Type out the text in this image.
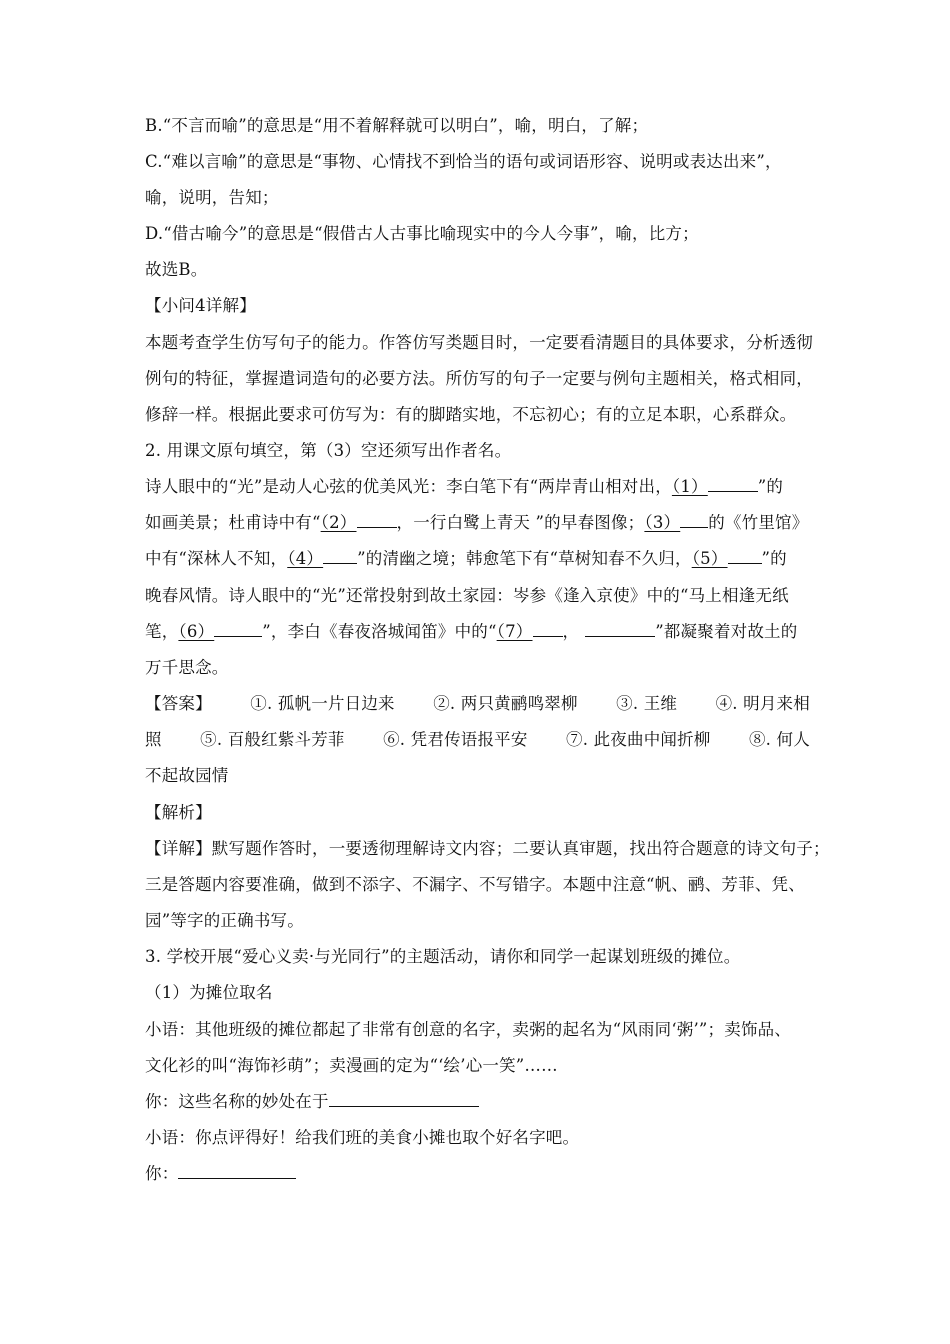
B.“不言而喻”的意思是“用不着解释就可以明白”，喻，明白，了解；

C.“难以言喻”的意思是“事物、心情找不到恰当的语句或词语形容、说明或表达出来”，

喻，说明，告知；

D.“借古喻今”的意思是“假借古人古事比喻现实中的今人今事”，喻，比方；

故选B。

【小问4详解】

本题考查学生仿写句子的能力。作答仿写类题目时，一定要看清题目的具体要求，分析透彻

例句的特征，掌握遣词造句的必要方法。所仿写的句子一定要与例句主题相关，格式相同，

修辞一样。根据此要求可仿写为：有的脚踏实地，不忘初心；有的立足本职，心系群众。

2. 用课文原句填空，第（3）空还须写出作者名。

诗人眼中的“光”是动人心弦的优美风光：李白笔下有“两岸青山相对出，（1）	”的

如画美景；杜甫诗中有“（2） ，一行白鹭上青天 ”的早春图像；（3） 的《竹里馆》

中有“深林人不知，（4） ”的清幽之境；韩愈笔下有“草树知春不久归，（5） ”的

晚春风情。诗人眼中的“光”还常投射到故土家园：岑参《逢入京使》中的“马上相逢无纸

笔，（6）	”，李白《春夜洛城闻笛》中的“（7） ，	”都凝聚着对故土的

万千思念。

【答案】 ①. 孤帆一片日边来 ②. 两只黄鹂鸣翠柳 ③. 王维 ④. 明月来相
照 ⑤. 百般红紫斗芳菲 ⑥. 凭君传语报平安 ⑦. 此夜曲中闻折柳 ⑧. 何人

不起故园情

【解析】

【详解】默写题作答时，一要透彻理解诗文内容；二要认真审题，找出符合题意的诗文句子；

三是答题内容要准确，做到不添字、不漏字、不写错字。本题中注意“帆、鹂、芳菲、凭、

园”等字的正确书写。

3. 学校开展“爱心义卖·与光同行”的主题活动，请你和同学一起谋划班级的摊位。

（1）为摊位取名

小语：其他班级的摊位都起了非常有创意的名字，卖粥的起名为“风雨同‘粥’”；卖饰品、

文化衫的叫“海饰衫萌”；卖漫画的定为“‘绘’心一笑”……

你：这些名称的妙处在于

小语：你点评得好！给我们班的美食小摊也取个好名字吧。

你：
